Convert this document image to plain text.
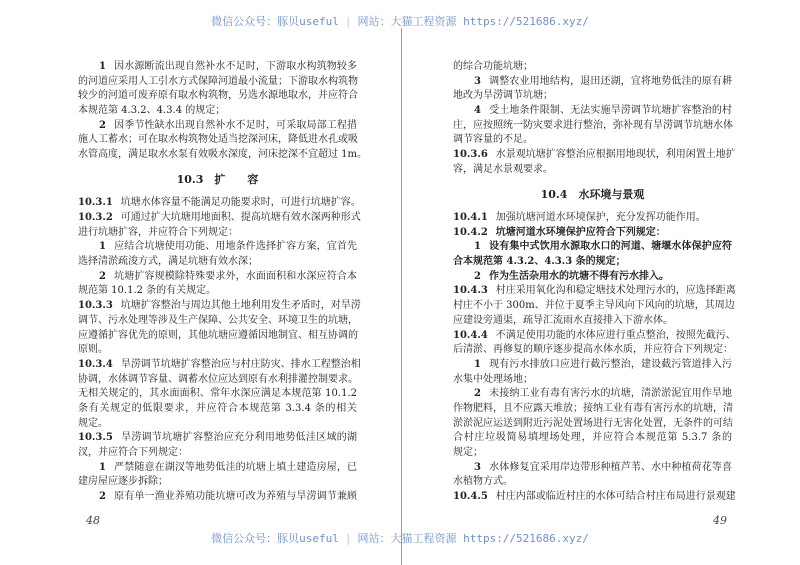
微信公众号：豚贝useful | 网站：大猫工程资源 https://521686.xyz/
1 因水源断流出现自然补水不足时，下游取水构筑物较多
的河道应采用人工引水方式保障河道最小流量；下游取水构筑物
较少的河道可废弃原有取水构筑物，另选水源地取水，并应符合
本规范第 4.3.2、4.3.4 的规定；
2 因季节性缺水出现自然补水不足时，可采取局部工程措
施人工蓄水；可在取水构筑物处适当挖深河床，降低进水孔或吸
水管高度，满足取水水泵有效吸水深度，河床挖深不宜超过 1m。
10.3　扩　　容
10.3.1 坑塘水体容量不能满足功能要求时，可进行坑塘扩容。
10.3.2 可通过扩大坑塘用地面积、提高坑塘有效水深两种形式
进行坑塘扩容，并应符合下列规定：
1 应结合坑塘使用功能、用地条件选择扩容方案，宜首先
选择清淤疏浚方式，满足坑塘有效水深；
2 坑塘扩容规模除特殊要求外，水面面积和水深应符合本
规范第 10.1.2 条的有关规定。
10.3.3 坑塘扩容整治与周边其他土地利用发生矛盾时，对旱涝
调节、污水处理等涉及生产保障、公共安全、环境卫生的坑塘，
应遵循扩容优先的原则，其他坑塘应遵循因地制宜、相互协调的
原则。
10.3.4 旱涝调节坑塘扩容整治应与村庄防灾、排水工程整治相
协调，水体调节容量、调蓄水位应达到原有水利排灌控制要求。
无相关规定的，其水面面积、常年水深应满足本规范第 10.1.2
条有关规定的低限要求，并应符合本规范第 3.3.4 条的相关
规定。
10.3.5 旱涝调节坑塘扩容整治应充分利用地势低洼区域的湖
汊，并应符合下列规定：
1 严禁随意在湖汊等地势低洼的坑塘上填土建造房屋，已
建房屋应逐步拆除；
2 原有单一渔业养殖功能坑塘可改为养殖与旱涝调节兼顾
的综合功能坑塘；
3 调整农业用地结构，退田还湖，宜将地势低洼的原有耕
地改为旱涝调节坑塘；
4 受土地条件限制、无法实施旱涝调节坑塘扩容整治的村
庄，应按照统一防灾要求进行整治，弥补现有旱涝调节坑塘水体
调节容量的不足。
10.3.6 水景观坑塘扩容整治应根据用地现状，利用闲置土地扩
容，满足水景观要求。
10.4　水环境与景观
10.4.1 加强坑塘河道水环境保护，充分发挥功能作用。
10.4.2 坑塘河道水环境保护应符合下列规定：
1 设有集中式饮用水源取水口的河道、塘堰水体保护应符
合本规范第 4.3.2、4.3.3 条的规定；
2 作为生活杂用水的坑塘不得有污水排入。
10.4.3 村庄采用氧化沟和稳定塘技术处理污水的，应选择距离
村庄不小于 300m、并位于夏季主导风向下风向的坑塘，其周边
应建设旁通渠，疏导汇流雨水直接排入下游水体。
10.4.4 不满足使用功能的水体应进行重点整治，按照先截污、
后清淤、再修复的顺序逐步提高水体水质，并应符合下列规定：
1 现有污水排放口应进行截污整治，建设截污管道排入污
水集中处理场地；
2 未接纳工业有毒有害污水的坑塘，清淤淤泥宜用作旱地
作物肥料，且不应露天堆放；接纳工业有毒有害污水的坑塘，清
淤淤泥应运送到附近污泥处置场进行无害化处置，无条件的可结
合村庄垃圾简易填埋场处理，并应符合本规范第 5.3.7 条的
规定；
3 水体修复宜采用岸边带形种植芦苇、水中种植荷花等喜
水植物方式。
10.4.5 村庄内部或临近村庄的水体可结合村庄布局进行景观建
48	49
微信公众号：豚贝useful | 网站：大猫工程资源 https://521686.xyz/
